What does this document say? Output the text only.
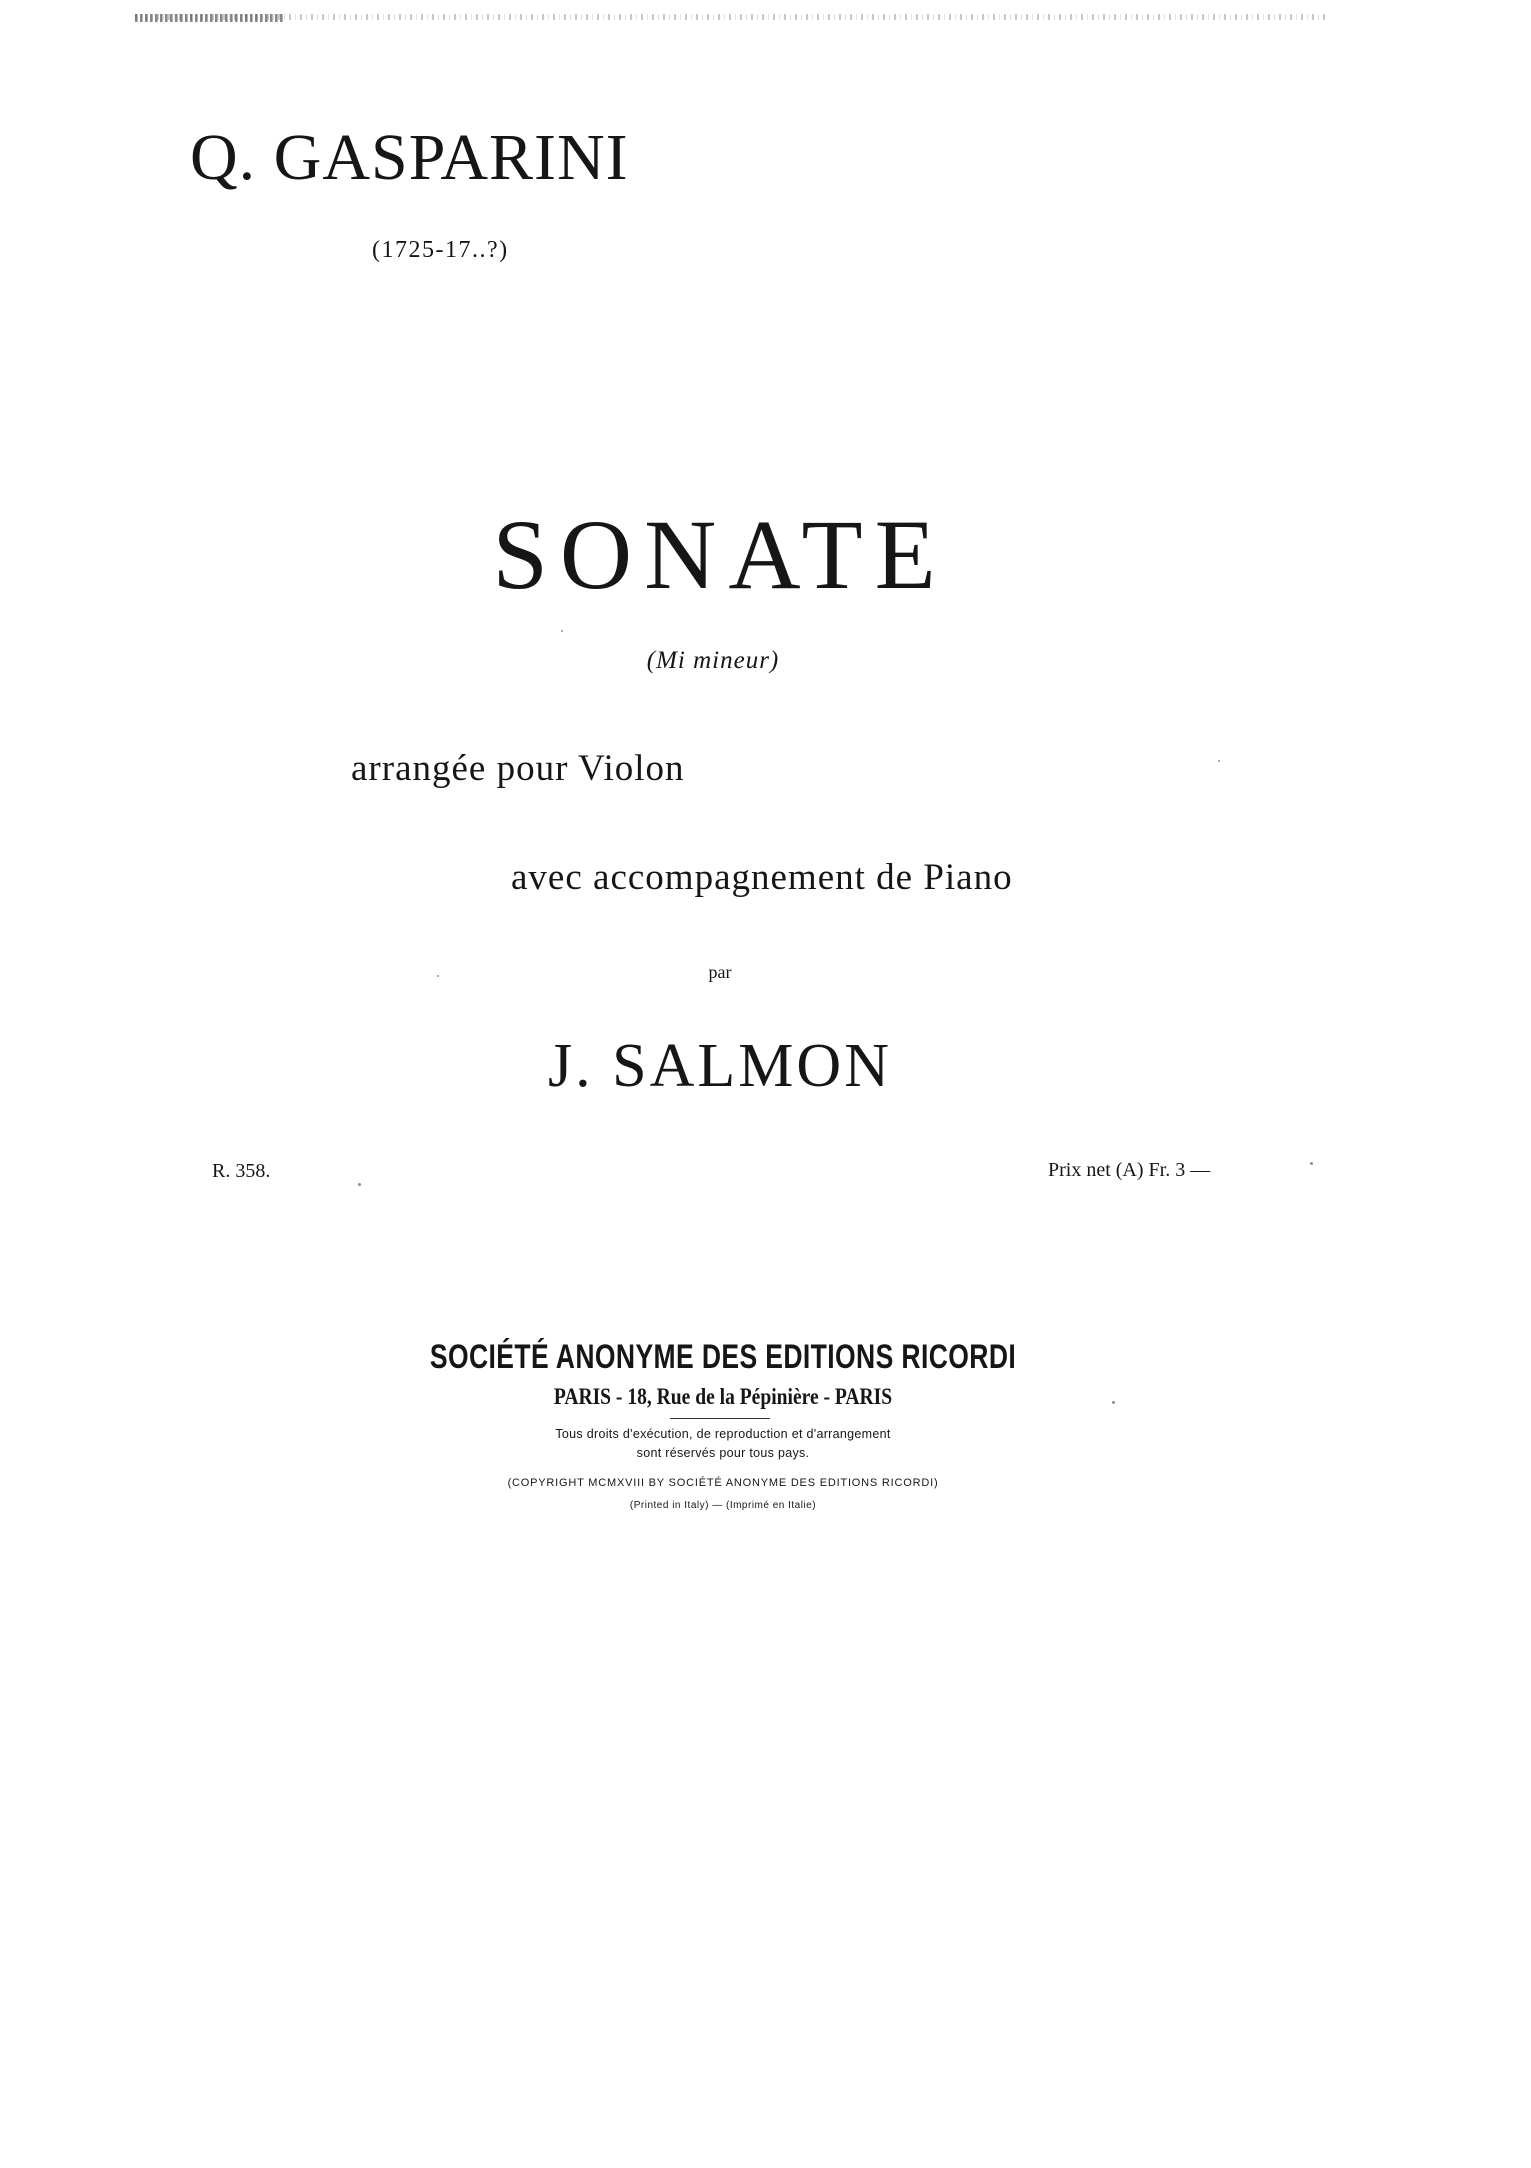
Q. GASPARINI
(1725-17..?)
SONATE
(Mi mineur)
arrangée pour Violon
avec accompagnement de Piano
par
J. SALMON
R. 358.	Prix net (A) Fr. 3 —
SOCIÉTÉ ANONYME DES EDITIONS RICORDI
PARIS - 18, Rue de la Pépinière - PARIS
Tous droits d'exécution, de reproduction et d'arrangement
sont réservés pour tous pays.
(COPYRIGHT MCMXVIII BY SOCIÉTÉ ANONYME DES EDITIONS RICORDI)
(Printed in Italy) — (Imprimé en Italie)
